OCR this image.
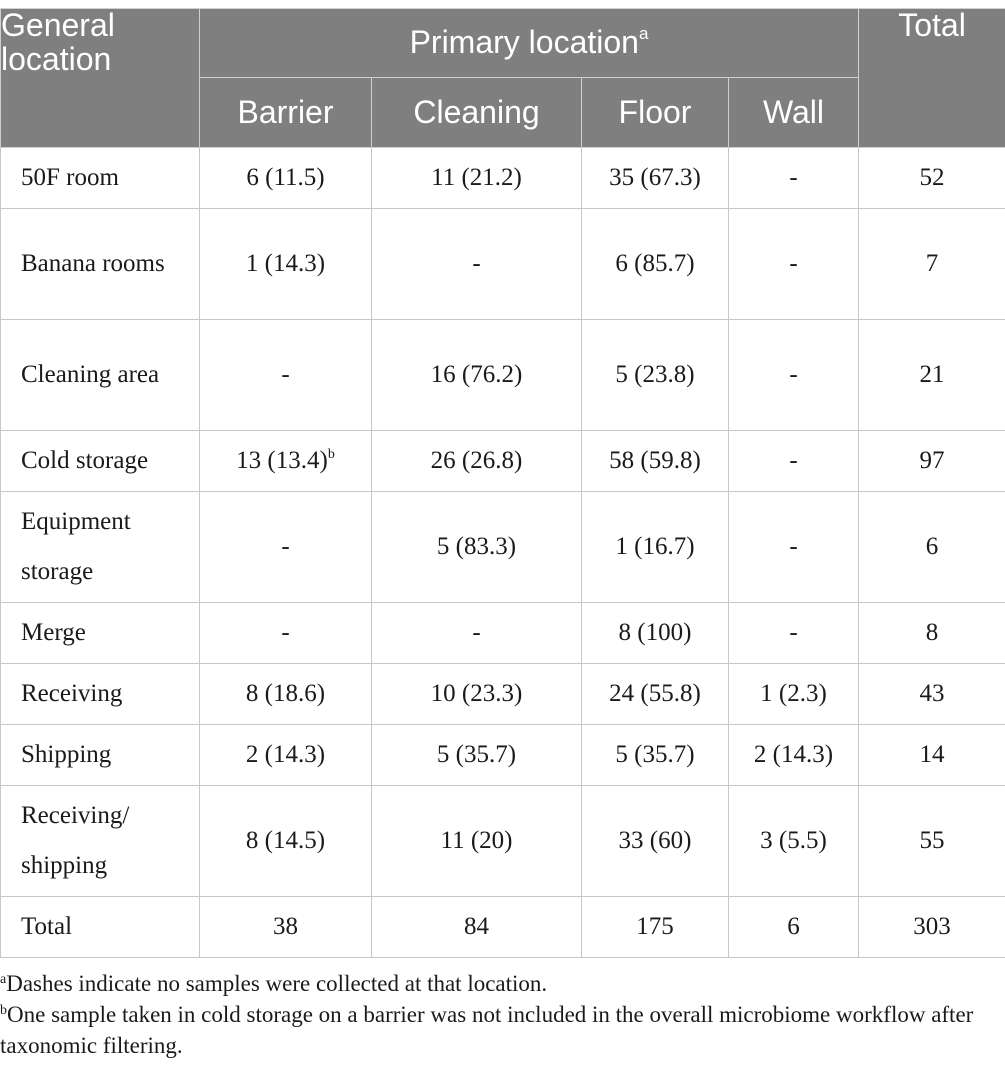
General location	Primary location$^a$				Total
	Barrier	Cleaning	Floor	Wall	
50F room	6 (11.5)	11 (21.2)	35 (67.3)	-	52
Banana rooms	1 (14.3)	-	6 (85.7)	-	7
Cleaning area	-	16 (76.2)	5 (23.8)	-	21
Cold storage	13 $(13.4)^b$	26 (26.8)	58 (59.8)	-	97
Equipment storage	-	5 (83.3)	1 (16.7)	-	6
Merge	-	-	8 (100)	-	8
Receiving	8 (18.6)	10 (23.3)	24 (55.8)	1 (2.3)	43
Shipping	2 (14.3)	5 (35.7)	5 (35.7)	2 (14.3)	14
Receiving/ shipping	8 (14.5)	11 (20)	33 (60)	3 (5.5)	55
Total	38	84	175	6	303

$^a$Dashes indicate no samples were collected at that location.

$^b$One sample taken in cold storage on a barrier was not included in the overall microbiome workflow after taxonomic filtering.
